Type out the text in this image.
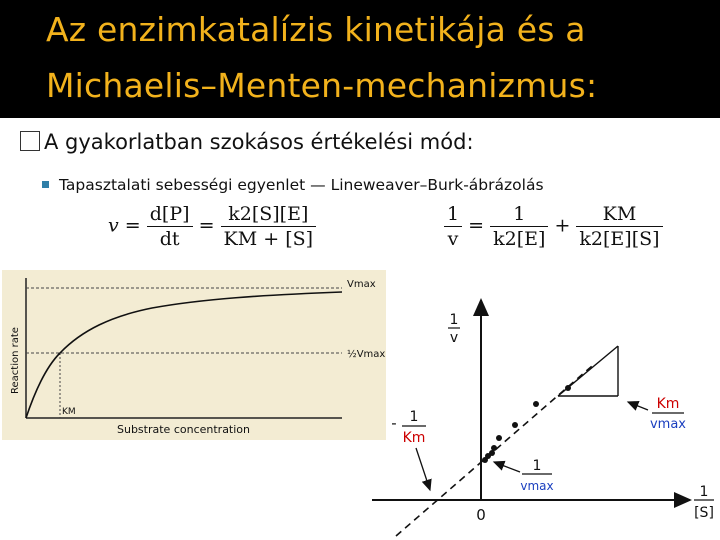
Az enzimkatalízis kinetikája és a
Michaelis–Menten-mechanizmus:
A gyakorlatban szokásos értékelési mód:
Tapasztalati sebességi egyenlet — Lineweaver–Burk-ábrázolás
$v = \frac{d[P]}{dt} = \frac{k2[S][E]}{KM + [S]}$	$\frac{1}{v} = \frac{1}{k2[E]} + \frac{KM}{k2[E][S]}$
Vmax
½Vmax
KM
Substrate concentration
Reaction rate
1
v
0
1
[S]
- 1
Km
Km
vmax
1
vmax
